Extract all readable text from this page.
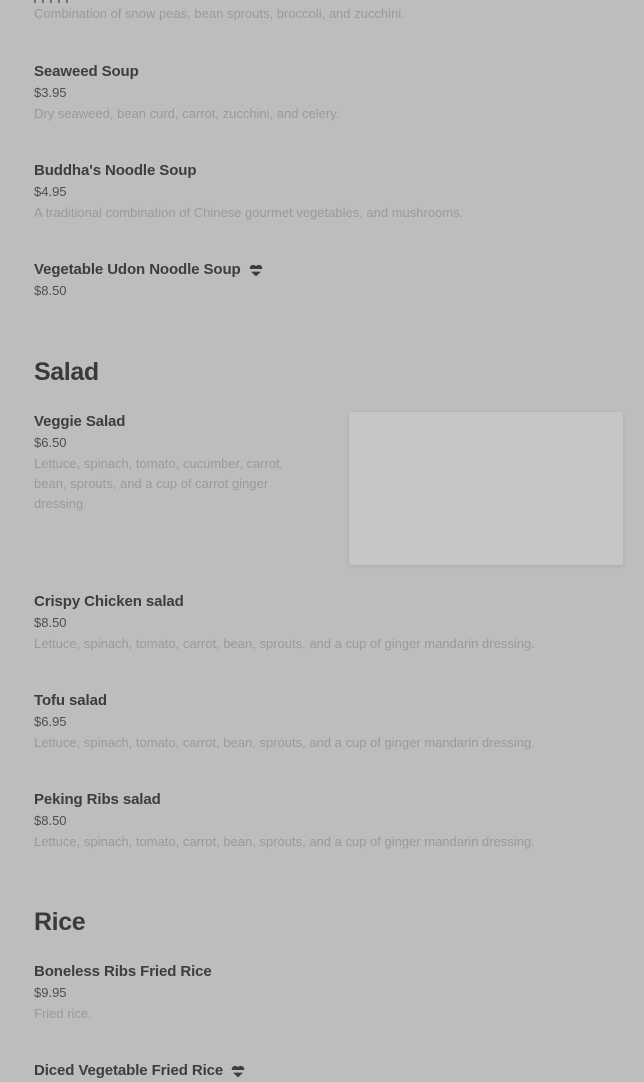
Combination of snow peas, bean sprouts, broccoli, and zucchini.

Seaweed Soup
$3.95

Dry seaweed, bean curd, carrot, zucchini, and celery.

Buddha's Noodle Soup
$4.95

A traditional combination of Chinese gourmet vegetables, and mushrooms.

Vegetable Udon Noodle Soup
$8.50
Salad
Veggie Salad
$6.50

Lettuce, spinach, tomato, cucumber, carrot, bean, sprouts, and a cup of carrot ginger dressing.

Crispy Chicken salad
$8.50

Lettuce, spinach, tomato, carrot, bean, sprouts, and a cup of ginger mandarin dressing.

Tofu salad
$6.95

Lettuce, spinach, tomato, carrot, bean, sprouts, and a cup of ginger mandarin dressing.

Peking Ribs salad
$8.50

Lettuce, spinach, tomato, carrot, bean, sprouts, and a cup of ginger mandarin dressing.

Rice
Boneless Ribs Fried Rice
$9.95

Fried rice.

Diced Vegetable Fried Rice
